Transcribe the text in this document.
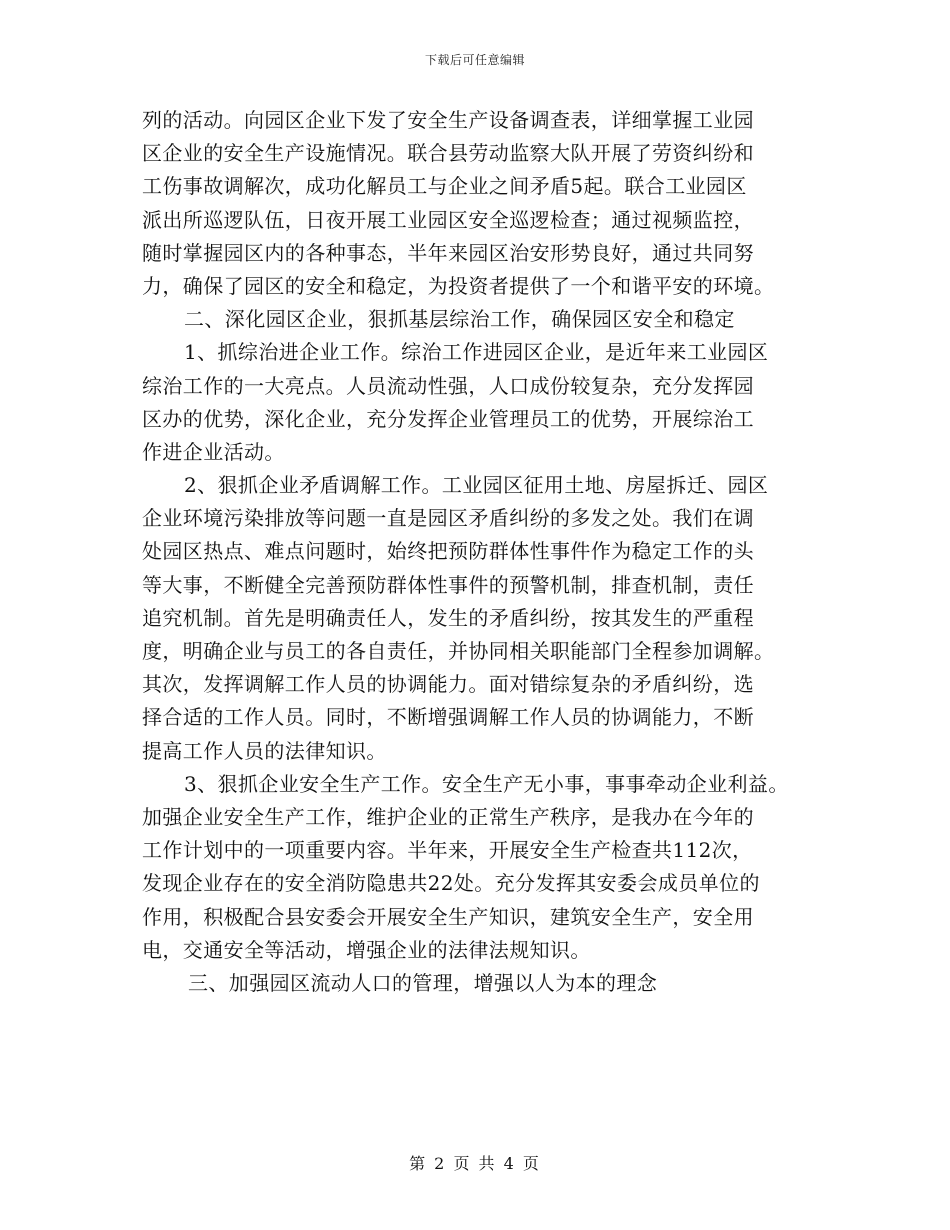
下载后可任意编辑
列的活动。向园区企业下发了安全生产设备调查表，详细掌握工业园
区企业的安全生产设施情况。联合县劳动监察大队开展了劳资纠纷和
工伤事故调解次，成功化解员工与企业之间矛盾5起。联合工业园区
派出所巡逻队伍，日夜开展工业园区安全巡逻检查；通过视频监控，
随时掌握园区内的各种事态，半年来园区治安形势良好，通过共同努
力，确保了园区的安全和稳定，为投资者提供了一个和谐平安的环境。
二、深化园区企业，狠抓基层综治工作，确保园区安全和稳定
1、抓综治进企业工作。综治工作进园区企业，是近年来工业园区
综治工作的一大亮点。人员流动性强，人口成份较复杂，充分发挥园
区办的优势，深化企业，充分发挥企业管理员工的优势，开展综治工
作进企业活动。
2、狠抓企业矛盾调解工作。工业园区征用土地、房屋拆迁、园区
企业环境污染排放等问题一直是园区矛盾纠纷的多发之处。我们在调
处园区热点、难点问题时，始终把预防群体性事件作为稳定工作的头
等大事，不断健全完善预防群体性事件的预警机制，排查机制，责任
追究机制。首先是明确责任人，发生的矛盾纠纷，按其发生的严重程
度，明确企业与员工的各自责任，并协同相关职能部门全程参加调解。
其次，发挥调解工作人员的协调能力。面对错综复杂的矛盾纠纷，选
择合适的工作人员。同时，不断增强调解工作人员的协调能力，不断
提高工作人员的法律知识。
3、狠抓企业安全生产工作。安全生产无小事，事事牵动企业利益。
加强企业安全生产工作，维护企业的正常生产秩序，是我办在今年的
工作计划中的一项重要内容。半年来，开展安全生产检查共112次，
发现企业存在的安全消防隐患共22处。充分发挥其安委会成员单位的
作用，积极配合县安委会开展安全生产知识，建筑安全生产，安全用
电，交通安全等活动，增强企业的法律法规知识。
三、加强园区流动人口的管理，增强以人为本的理念
第 2 页 共 4 页
